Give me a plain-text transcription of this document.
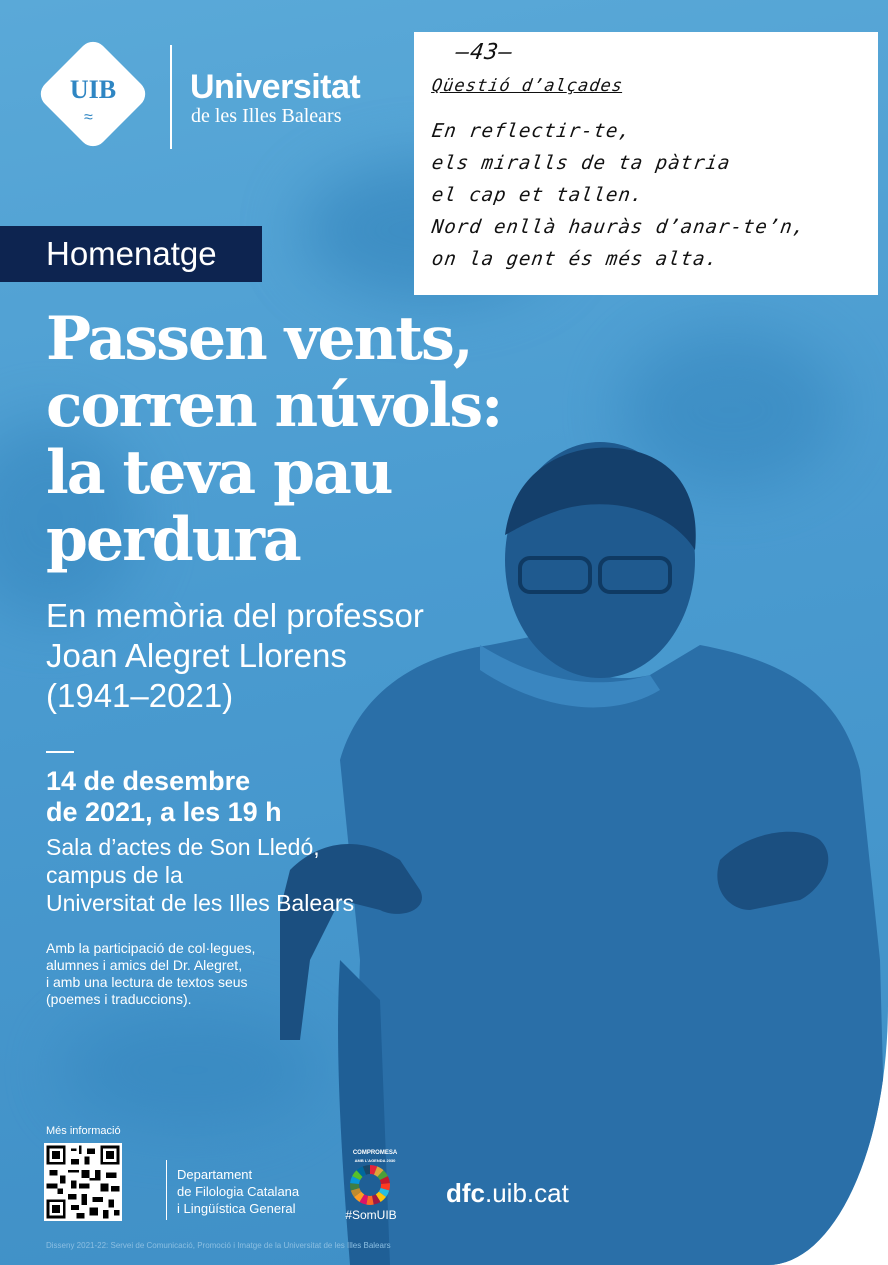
UIB
≈
Universitat
de les Illes Balears
—43—
Qüestió d’alçades
En reflectir-te,
els miralls de ta pàtria
el cap et tallen.
Nord enllà hauràs d’anar-te’n,
on la gent és més alta.
Homenatge
Passen vents,
corren núvols:
la teva pau
perdura
En memòria del professor
Joan Alegret Llorens
(1941–2021)
14 de desembre
de 2021, a les 19 h
Sala d’actes de Son Lledó,
campus de la
Universitat de les Illes Balears
Amb la participació de col·legues,
alumnes i amics del Dr. Alegret,
i amb una lectura de textos seus
(poemes i traduccions).
Més informació
Departament
de Filologia Catalana
i Lingüística General
COMPROMESA
AMB L’AGENDA 2030
#SomUIB
dfc.uib.cat
Disseny 2021-22: Servei de Comunicació, Promoció i Imatge de la Universitat de les Illes Balears
